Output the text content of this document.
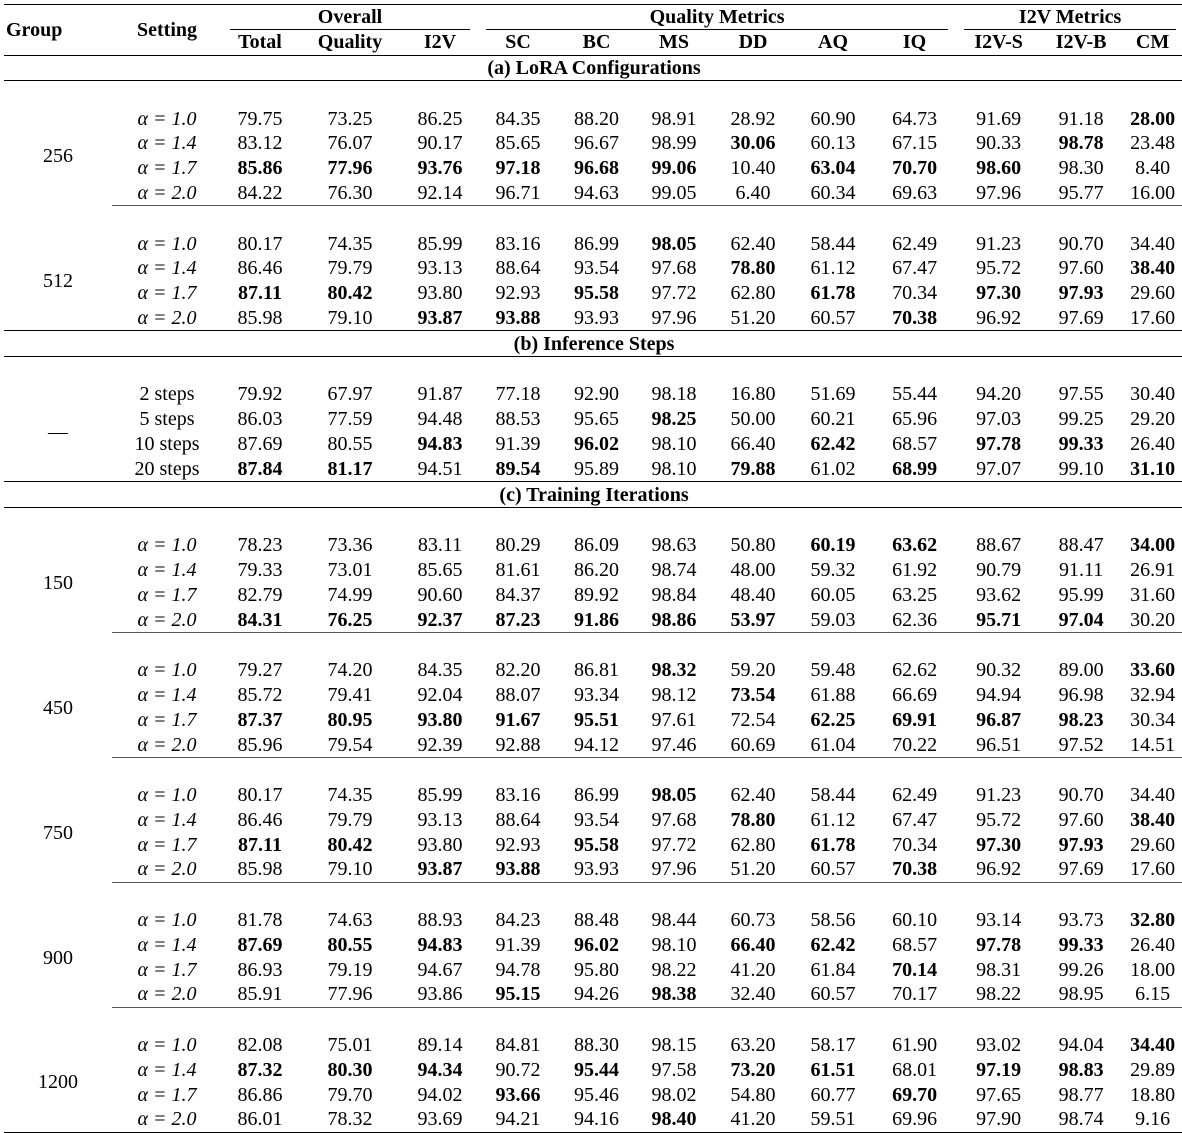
Group	Setting	Overall			Quality Metrics						I2V Metrics		
		Total	Quality	I2V	SC	BC	MS	DD	AQ	IQ	I2V-S	I2V-B	CM
(a) LoRA Configurations													

256	α = 1.0	79.75	73.25	86.25	84.35	88.20	98.91	28.92	60.90	64.73	91.69	91.18	28.00
	α = 1.4	83.12	76.07	90.17	85.65	96.67	98.99	30.06	60.13	67.15	90.33	98.78	23.48
	α = 1.7	85.86	77.96	93.76	97.18	96.68	99.06	10.40	63.04	70.70	98.60	98.30	8.40
	α = 2.0	84.22	76.30	92.14	96.71	94.63	99.05	6.40	60.34	69.63	97.96	95.77	16.00

512	α = 1.0	80.17	74.35	85.99	83.16	86.99	98.05	62.40	58.44	62.49	91.23	90.70	34.40
	α = 1.4	86.46	79.79	93.13	88.64	93.54	97.68	78.80	61.12	67.47	95.72	97.60	38.40
	α = 1.7	87.11	80.42	93.80	92.93	95.58	97.72	62.80	61.78	70.34	97.30	97.93	29.60
	α = 2.0	85.98	79.10	93.87	93.88	93.93	97.96	51.20	60.57	70.38	96.92	97.69	17.60
(b) Inference Steps													

—	2 steps	79.92	67.97	91.87	77.18	92.90	98.18	16.80	51.69	55.44	94.20	97.55	30.40
	5 steps	86.03	77.59	94.48	88.53	95.65	98.25	50.00	60.21	65.96	97.03	99.25	29.20
	10 steps	87.69	80.55	94.83	91.39	96.02	98.10	66.40	62.42	68.57	97.78	99.33	26.40
	20 steps	87.84	81.17	94.51	89.54	95.89	98.10	79.88	61.02	68.99	97.07	99.10	31.10
(c) Training Iterations													

150	α = 1.0	78.23	73.36	83.11	80.29	86.09	98.63	50.80	60.19	63.62	88.67	88.47	34.00
	α = 1.4	79.33	73.01	85.65	81.61	86.20	98.74	48.00	59.32	61.92	90.79	91.11	26.91
	α = 1.7	82.79	74.99	90.60	84.37	89.92	98.84	48.40	60.05	63.25	93.62	95.99	31.60
	α = 2.0	84.31	76.25	92.37	87.23	91.86	98.86	53.97	59.03	62.36	95.71	97.04	30.20

450	α = 1.0	79.27	74.20	84.35	82.20	86.81	98.32	59.20	59.48	62.62	90.32	89.00	33.60
	α = 1.4	85.72	79.41	92.04	88.07	93.34	98.12	73.54	61.88	66.69	94.94	96.98	32.94
	α = 1.7	87.37	80.95	93.80	91.67	95.51	97.61	72.54	62.25	69.91	96.87	98.23	30.34
	α = 2.0	85.96	79.54	92.39	92.88	94.12	97.46	60.69	61.04	70.22	96.51	97.52	14.51

750	α = 1.0	80.17	74.35	85.99	83.16	86.99	98.05	62.40	58.44	62.49	91.23	90.70	34.40
	α = 1.4	86.46	79.79	93.13	88.64	93.54	97.68	78.80	61.12	67.47	95.72	97.60	38.40
	α = 1.7	87.11	80.42	93.80	92.93	95.58	97.72	62.80	61.78	70.34	97.30	97.93	29.60
	α = 2.0	85.98	79.10	93.87	93.88	93.93	97.96	51.20	60.57	70.38	96.92	97.69	17.60

900	α = 1.0	81.78	74.63	88.93	84.23	88.48	98.44	60.73	58.56	60.10	93.14	93.73	32.80
	α = 1.4	87.69	80.55	94.83	91.39	96.02	98.10	66.40	62.42	68.57	97.78	99.33	26.40
	α = 1.7	86.93	79.19	94.67	94.78	95.80	98.22	41.20	61.84	70.14	98.31	99.26	18.00
	α = 2.0	85.91	77.96	93.86	95.15	94.26	98.38	32.40	60.57	70.17	98.22	98.95	6.15

1200	α = 1.0	82.08	75.01	89.14	84.81	88.30	98.15	63.20	58.17	61.90	93.02	94.04	34.40
	α = 1.4	87.32	80.30	94.34	90.72	95.44	97.58	73.20	61.51	68.01	97.19	98.83	29.89
	α = 1.7	86.86	79.70	94.02	93.66	95.46	98.02	54.80	60.77	69.70	97.65	98.77	18.80
	α = 2.0	86.01	78.32	93.69	94.21	94.16	98.40	41.20	59.51	69.96	97.90	98.74	9.16
